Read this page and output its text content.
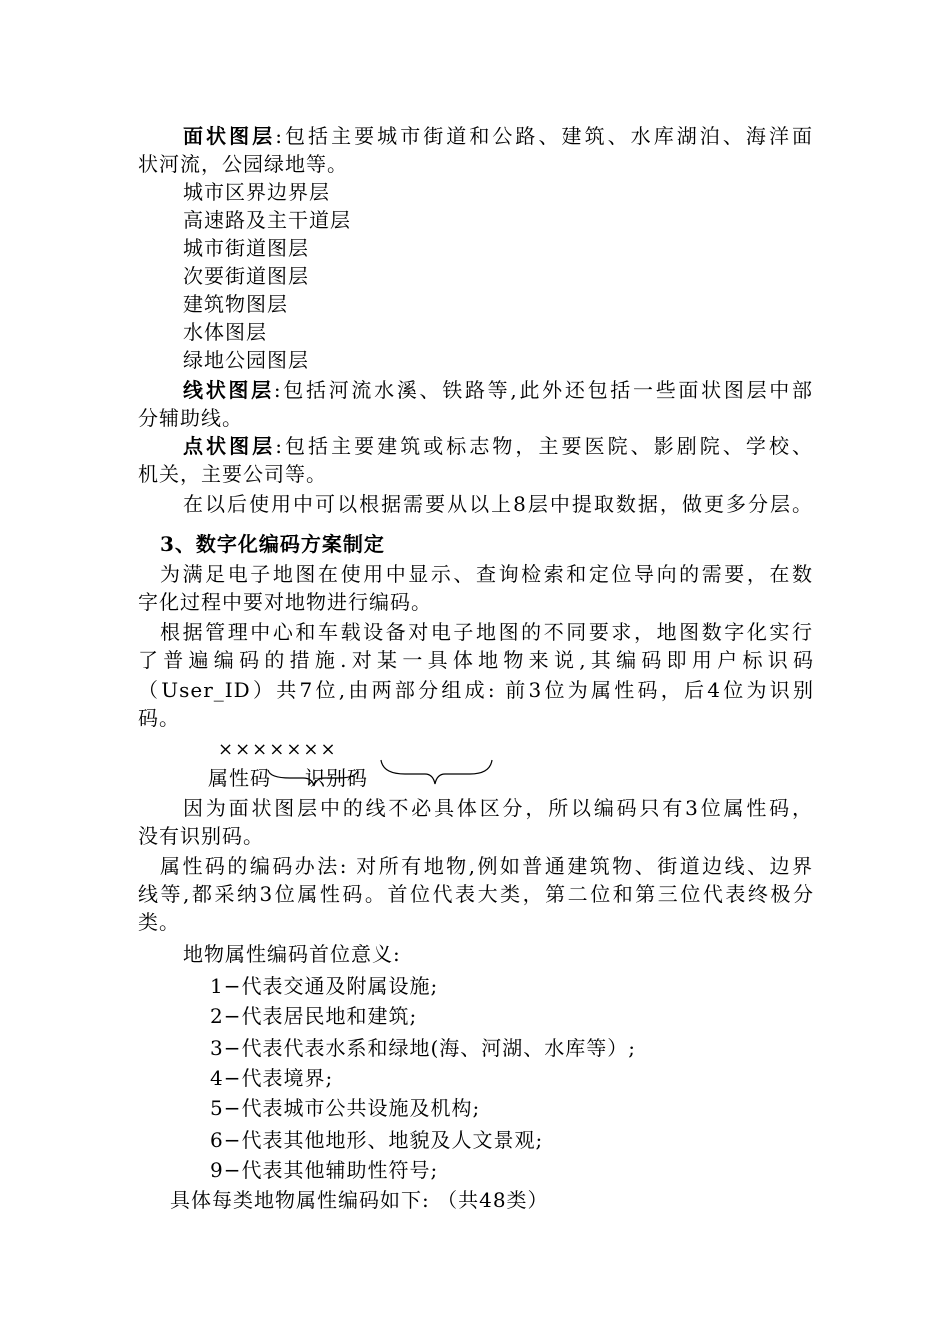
面状图层:包括主要城市街道和公路、建筑、水库湖泊、海洋面
状河流，公园绿地等。
城市区界边界层
高速路及主干道层
城市街道图层
次要街道图层
建筑物图层
水体图层
绿地公园图层
线状图层:包括河流水溪、铁路等,此外还包括一些面状图层中部
分辅助线。
点状图层:包括主要建筑或标志物，主要医院、影剧院、学校、
机关，主要公司等。
在以后使用中可以根据需要从以上8层中提取数据，做更多分层。
3、数字化编码方案制定
为满足电子地图在使用中显示、查询检索和定位导向的需要，在数
字化过程中要对地物进行编码。
根据管理中心和车载设备对电子地图的不同要求，地图数字化实行
了普遍编码的措施.对某一具体地物来说,其编码即用户标识码
（User_ID）共7位,由两部分组成: 前3位为属性码，后4位为识别
码。
×××××××
属性码 识别码
因为面状图层中的线不必具体区分，所以编码只有3位属性码，
没有识别码。
属性码的编码办法: 对所有地物,例如普通建筑物、街道边线、边界
线等,都采纳3位属性码。首位代表大类，第二位和第三位代表终极分
类。
地物属性编码首位意义:
1−代表交通及附属设施;
2−代表居民地和建筑;
3−代表代表水系和绿地(海、河湖、水库等）;
4−代表境界;
5−代表城市公共设施及机构;
6−代表其他地形、地貌及人文景观;
9−代表其他辅助性符号;
具体每类地物属性编码如下: （共48类）
